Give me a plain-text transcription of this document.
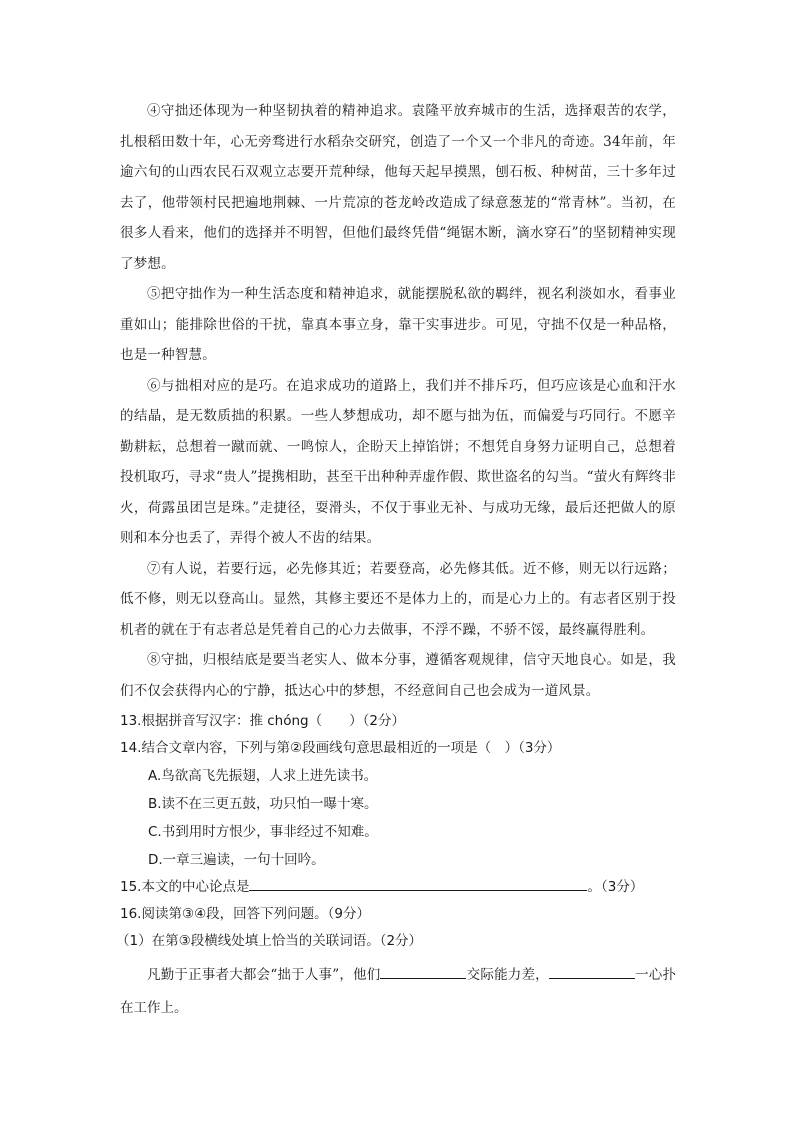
④守拙还体现为一种坚韧执着的精神追求。袁隆平放弃城市的生活，选择艰苦的农学，扎根稻田数十年，心无旁骛进行水稻杂交研究，创造了一个又一个非凡的奇迹。34年前，年逾六旬的山西农民石双观立志要开荒种绿，他每天起早摸黑，刨石板、种树苗，三十多年过去了，他带领村民把遍地荆棘、一片荒凉的苍龙岭改造成了绿意葱茏的“常青林”。当初，在很多人看来，他们的选择并不明智，但他们最终凭借“绳锯木断，滴水穿石”的坚韧精神实现了梦想。

⑤把守拙作为一种生活态度和精神追求，就能摆脱私欲的羁绊，视名利淡如水，看事业重如山；能排除世俗的干扰，靠真本事立身，靠干实事进步。可见，守拙不仅是一种品格，也是一种智慧。

⑥与拙相对应的是巧。在追求成功的道路上，我们并不排斥巧，但巧应该是心血和汗水的结晶，是无数质拙的积累。一些人梦想成功，却不愿与拙为伍，而偏爱与巧同行。不愿辛勤耕耘，总想着一蹴而就、一鸣惊人，企盼天上掉馅饼；不想凭自身努力证明自己，总想着投机取巧，寻求“贵人”提携相助，甚至干出种种弄虚作假、欺世盗名的勾当。“萤火有辉终非火，荷露虽团岂是珠。”走捷径，耍滑头，不仅于事业无补、与成功无缘，最后还把做人的原则和本分也丢了，弄得个被人不齿的结果。

⑦有人说，若要行远，必先修其近；若要登高，必先修其低。近不修，则无以行远路；低不修，则无以登高山。显然，其修主要还不是体力上的，而是心力上的。有志者区别于投机者的就在于有志者总是凭着自己的心力去做事，不浮不躁，不骄不馁，最终赢得胜利。

⑧守拙，归根结底是要当老实人、做本分事，遵循客观规律，信守天地良心。如是，我们不仅会获得内心的宁静，抵达心中的梦想，不经意间自己也会成为一道风景。

13.根据拼音写汉字：推 chóng（　　）（2分）

14.结合文章内容，下列与第②段画线句意思最相近的一项是（　）（3分）

A.鸟欲高飞先振翅，人求上进先读书。

B.读不在三更五鼓，功只怕一曝十寒。

C.书到用时方恨少，事非经过不知难。

D.一章三遍读，一句十回吟。

15.本文的中心论点是	。（3分）

16.阅读第③④段，回答下列问题。（9分）

（1）在第③段横线处填上恰当的关联词语。（2分）

凡勤于正事者大都会“拙于人事”，他们	交际能力差，	一心扑在工作上。
